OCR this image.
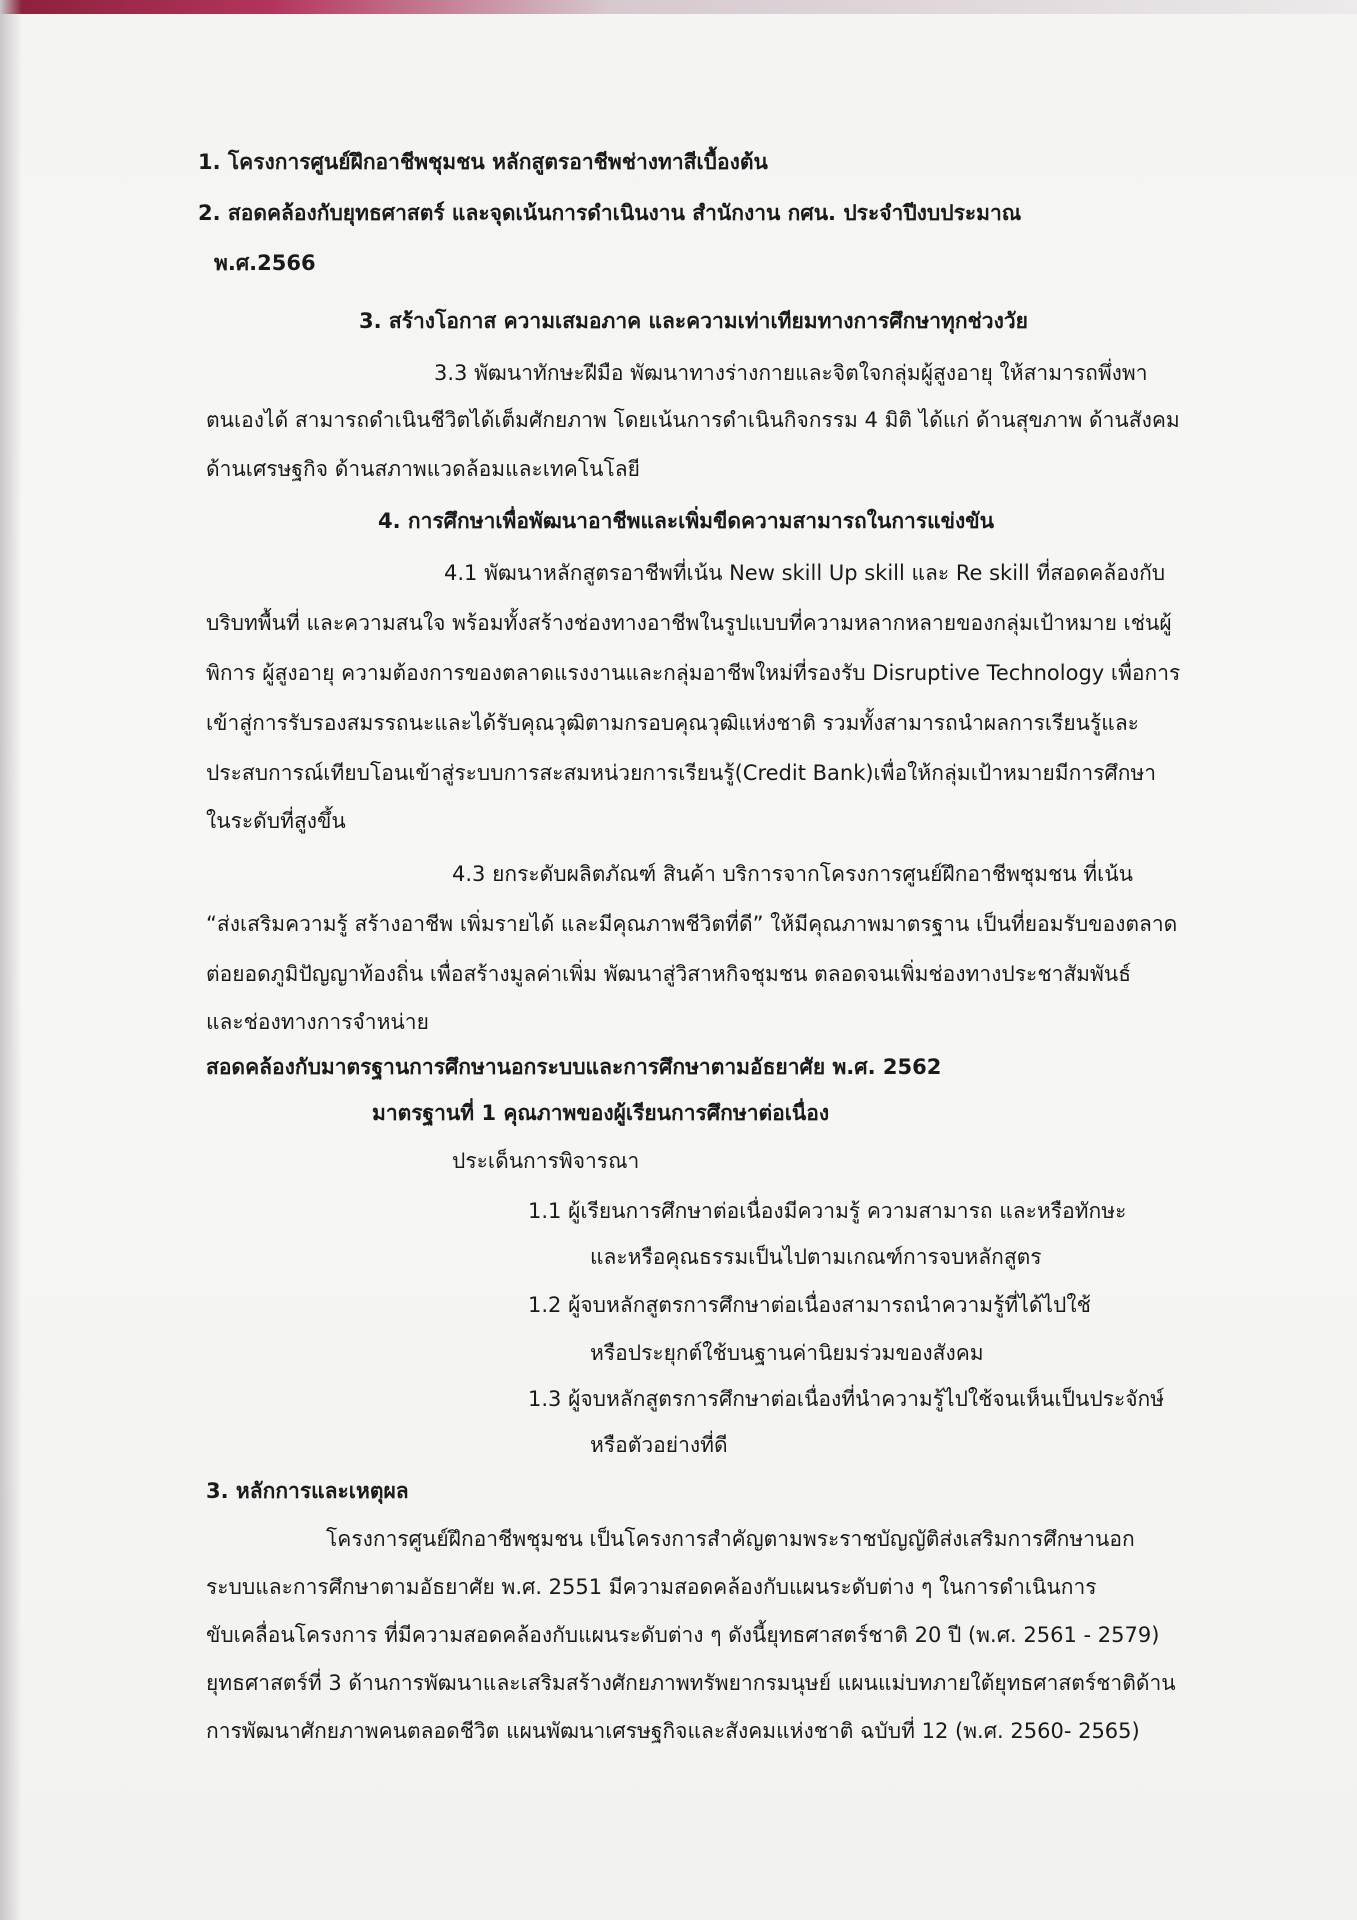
1. โครงการศูนย์ฝึกอาชีพชุมชน หลักสูตรอาชีพช่างทาสีเบื้องต้น
2. สอดคล้องกับยุทธศาสตร์ และจุดเน้นการดำเนินงาน สำนักงาน กศน. ประจำปีงบประมาณ
พ.ศ.2566
3. สร้างโอกาส ความเสมอภาค และความเท่าเทียมทางการศึกษาทุกช่วงวัย
3.3 พัฒนาทักษะฝีมือ พัฒนาทางร่างกายและจิตใจกลุ่มผู้สูงอายุ ให้สามารถพึ่งพา
ตนเองได้ สามารถดำเนินชีวิตได้เต็มศักยภาพ โดยเน้นการดำเนินกิจกรรม 4 มิติ ได้แก่ ด้านสุขภาพ ด้านสังคม
ด้านเศรษฐกิจ ด้านสภาพแวดล้อมและเทคโนโลยี
4. การศึกษาเพื่อพัฒนาอาชีพและเพิ่มขีดความสามารถในการแข่งขัน
4.1 พัฒนาหลักสูตรอาชีพที่เน้น New skill Up skill และ Re skill ที่สอดคล้องกับ
บริบทพื้นที่ และความสนใจ พร้อมทั้งสร้างช่องทางอาชีพในรูปแบบที่ความหลากหลายของกลุ่มเป้าหมาย เช่นผู้
พิการ ผู้สูงอายุ ความต้องการของตลาดแรงงานและกลุ่มอาชีพใหม่ที่รองรับ Disruptive Technology เพื่อการ
เข้าสู่การรับรองสมรรถนะและได้รับคุณวุฒิตามกรอบคุณวุฒิแห่งชาติ รวมทั้งสามารถนำผลการเรียนรู้และ
ประสบการณ์เทียบโอนเข้าสู่ระบบการสะสมหน่วยการเรียนรู้(Credit Bank)เพื่อให้กลุ่มเป้าหมายมีการศึกษา
ในระดับที่สูงขึ้น
4.3 ยกระดับผลิตภัณฑ์ สินค้า บริการจากโครงการศูนย์ฝึกอาชีพชุมชน ที่เน้น
“ส่งเสริมความรู้ สร้างอาชีพ เพิ่มรายได้ และมีคุณภาพชีวิตที่ดี” ให้มีคุณภาพมาตรฐาน เป็นที่ยอมรับของตลาด
ต่อยอดภูมิปัญญาท้องถิ่น เพื่อสร้างมูลค่าเพิ่ม พัฒนาสู่วิสาหกิจชุมชน ตลอดจนเพิ่มช่องทางประชาสัมพันธ์
และช่องทางการจำหน่าย
สอดคล้องกับมาตรฐานการศึกษานอกระบบและการศึกษาตามอัธยาศัย พ.ศ. 2562
มาตรฐานที่ 1 คุณภาพของผู้เรียนการศึกษาต่อเนื่อง
ประเด็นการพิจารณา
1.1 ผู้เรียนการศึกษาต่อเนื่องมีความรู้ ความสามารถ และหรือทักษะ
และหรือคุณธรรมเป็นไปตามเกณฑ์การจบหลักสูตร
1.2 ผู้จบหลักสูตรการศึกษาต่อเนื่องสามารถนำความรู้ที่ได้ไปใช้
หรือประยุกต์ใช้บนฐานค่านิยมร่วมของสังคม
1.3 ผู้จบหลักสูตรการศึกษาต่อเนื่องที่นำความรู้ไปใช้จนเห็นเป็นประจักษ์
หรือตัวอย่างที่ดี
3. หลักการและเหตุผล
โครงการศูนย์ฝึกอาชีพชุมชน เป็นโครงการสำคัญตามพระราชบัญญัติส่งเสริมการศึกษานอก
ระบบและการศึกษาตามอัธยาศัย พ.ศ. 2551 มีความสอดคล้องกับแผนระดับต่าง ๆ ในการดำเนินการ
ขับเคลื่อนโครงการ ที่มีความสอดคล้องกับแผนระดับต่าง ๆ ดังนี้ยุทธศาสตร์ชาติ 20 ปี (พ.ศ. 2561 - 2579)
ยุทธศาสตร์ที่ 3 ด้านการพัฒนาและเสริมสร้างศักยภาพทรัพยากรมนุษย์ แผนแม่บทภายใต้ยุทธศาสตร์ชาติด้าน
การพัฒนาศักยภาพคนตลอดชีวิต แผนพัฒนาเศรษฐกิจและสังคมแห่งชาติ ฉบับที่ 12 (พ.ศ. 2560- 2565)
